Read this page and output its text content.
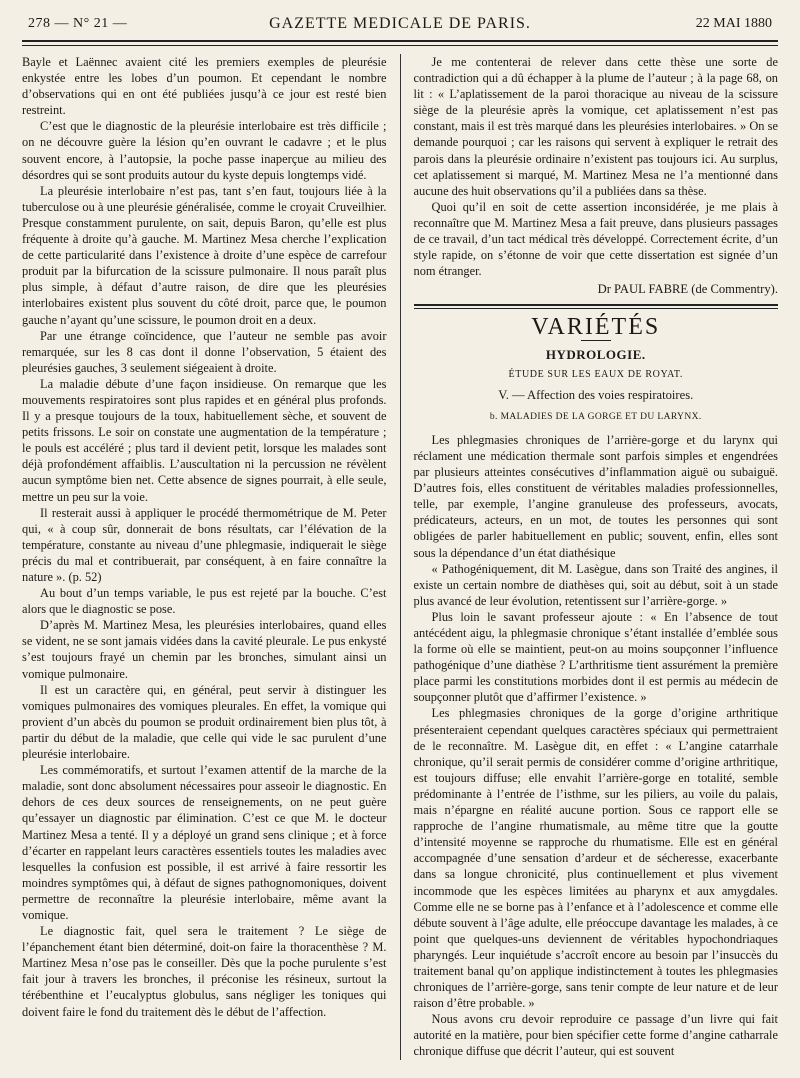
278 — N° 21 —	GAZETTE MEDICALE DE PARIS.	22 MAI 1880

Bayle et Laënnec avaient cité les premiers exemples de pleurésie enkystée entre les lobes d’un poumon. Et cependant le nombre d’observations qui en ont été publiées jusqu’à ce jour est resté bien restreint.

C’est que le diagnostic de la pleurésie interlobaire est très difficile ; on ne découvre guère la lésion qu’en ouvrant le cadavre ; et le plus souvent encore, à l’autopsie, la poche passe inaperçue au milieu des désordres qui se sont produits autour du kyste depuis longtemps vidé.

La pleurésie interlobaire n’est pas, tant s’en faut, toujours liée à la tuberculose ou à une pleurésie généralisée, comme le croyait Cruveilhier. Presque constamment purulente, on sait, depuis Baron, qu’elle est plus fréquente à droite qu’à gauche. M. Martinez Mesa cherche l’explication de cette particularité dans l’existence à droite d’une espèce de carrefour produit par la bifurcation de la scissure pulmonaire. Il nous paraît plus plus simple, à défaut d’autre raison, de dire que les pleurésies interlobaires existent plus souvent du côté droit, parce que, le poumon gauche n’ayant qu’une scissure, le poumon droit en a deux.

Par une étrange coïncidence, que l’auteur ne semble pas avoir remarquée, sur les 8 cas dont il donne l’observation, 5 étaient des pleurésies gauches, 3 seulement siégeaient à droite.

La maladie débute d’une façon insidieuse. On remarque que les mouvements respiratoires sont plus rapides et en général plus profonds. Il y a presque toujours de la toux, habituellement sèche, et souvent de petits frissons. Le soir on constate une augmentation de la température ; le pouls est accéléré ; plus tard il devient petit, lorsque les malades sont déjà profondément affaiblis. L’auscultation ni la percussion ne révèlent aucun symptôme bien net. Cette absence de signes pourrait, à elle seule, mettre un peu sur la voie.

Il resterait aussi à appliquer le procédé thermométrique de M. Peter qui, « à coup sûr, donnerait de bons résultats, car l’élévation de la température, constante au niveau d’une phlegmasie, indiquerait le siège précis du mal et contribuerait, par conséquent, à en faire connaître la nature ». (p. 52)

Au bout d’un temps variable, le pus est rejeté par la bouche. C’est alors que le diagnostic se pose.

D’après M. Martinez Mesa, les pleurésies interlobaires, quand elles se vident, ne se sont jamais vidées dans la cavité pleurale. Le pus enkysté s’est toujours frayé un chemin par les bronches, simulant ainsi un vomique pulmonaire.

Il est un caractère qui, en général, peut servir à distinguer les vomiques pulmonaires des vomiques pleurales. En effet, la vomique qui provient d’un abcès du poumon se produit ordinairement bien plus tôt, à partir du début de la maladie, que celle qui vide le sac purulent d’une pleurésie interlobaire.

Les commémoratifs, et surtout l’examen attentif de la marche de la maladie, sont donc absolument nécessaires pour asseoir le diagnostic. En dehors de ces deux sources de renseignements, on ne peut guère qu’essayer un diagnostic par élimination. C’est ce que M. le docteur Martinez Mesa a tenté. Il y a déployé un grand sens clinique ; et à force d’écarter en rappelant leurs caractères essentiels toutes les maladies avec lesquelles la confusion est possible, il est arrivé à faire ressortir les moindres symptômes qui, à défaut de signes pathognomoniques, doivent permettre de reconnaître la pleurésie interlobaire, même avant la vomique.

Le diagnostic fait, quel sera le traitement ? Le siège de l’épanchement étant bien déterminé, doit-on faire la thoracenthèse ? M. Martinez Mesa n’ose pas le conseiller. Dès que la poche purulente s’est fait jour à travers les bronches, il préconise les résineux, surtout la térébenthine et l’eucalyptus globulus, sans négliger les toniques qui doivent faire le fond du traitement dès le début de l’affection.

Je me contenterai de relever dans cette thèse une sorte de contradiction qui a dû échapper à la plume de l’auteur ; à la page 68, on lit : « L’aplatissement de la paroi thoracique au niveau de la scissure siège de la pleurésie après la vomique, cet aplatissement n’est pas constant, mais il est très marqué dans les pleurésies interlobaires. » On se demande pourquoi ; car les raisons qui servent à expliquer le retrait des parois dans la pleurésie ordinaire n’existent pas toujours ici. Au surplus, cet aplatissement si marqué, M. Martinez Mesa ne l’a mentionné dans aucune des huit observations qu’il a publiées dans sa thèse.

Quoi qu’il en soit de cette assertion inconsidérée, je me plais à reconnaître que M. Martinez Mesa a fait preuve, dans plusieurs passages de ce travail, d’un tact médical très développé. Correctement écrite, d’un style rapide, on s’étonne de voir que cette dissertation est signée d’un nom étranger.

Dr PAUL FABRE (de Commentry).
VARIÉTÉS
HYDROLOGIE.
ÉTUDE SUR LES EAUX DE ROYAT.
V. — Affection des voies respiratoires.
b. MALADIES DE LA GORGE ET DU LARYNX.

Les phlegmasies chroniques de l’arrière-gorge et du larynx qui réclament une médication thermale sont parfois simples et engendrées par plusieurs atteintes consécutives d’inflammation aiguë ou subaiguë. D’autres fois, elles constituent de véritables maladies professionnelles, telle, par exemple, l’angine granuleuse des professeurs, avocats, prédicateurs, acteurs, en un mot, de toutes les personnes qui sont obligées de parler habituellement en public; souvent, enfin, elles sont sous la dépendance d’un état diathésique

« Pathogéniquement, dit M. Lasègue, dans son Traité des angines, il existe un certain nombre de diathèses qui, soit au début, soit à un stade plus avancé de leur évolution, retentissent sur l’arrière-gorge. »

Plus loin le savant professeur ajoute : « En l’absence de tout antécédent aigu, la phlegmasie chronique s’étant installée d’emblée sous la forme où elle se maintient, peut-on au moins soupçonner l’influence pathogénique d’une diathèse ? L’arthritisme tient assurément la première place parmi les constitutions morbides dont il est permis au médecin de soupçonner plutôt que d’affirmer l’existence. »

Les phlegmasies chroniques de la gorge d’origine arthritique présenteraient cependant quelques caractères spéciaux qui permettraient de le reconnaître. M. Lasègue dit, en effet : « L’angine catarrhale chronique, qu’il serait permis de considérer comme d’origine arthritique, est toujours diffuse; elle envahit l’arrière-gorge en totalité, semble prédominante à l’entrée de l’isthme, sur les piliers, au voile du palais, mais n’épargne en réalité aucune portion. Sous ce rapport elle se rapproche de l’angine rhumatismale, au même titre que la goutte d’intensité moyenne se rapproche du rhumatisme. Elle est en général accompagnée d’une sensation d’ardeur et de sécheresse, exacerbante dans sa longue chronicité, plus continuellement et plus vivement incommode que les espèces limitées au pharynx et aux amygdales. Comme elle ne se borne pas à l’enfance et à l’adolescence et comme elle débute souvent à l’âge adulte, elle préoccupe davantage les malades, à ce point que quelques-uns deviennent de véritables hypochondriaques pharyngés. Leur inquiétude s’accroît encore au besoin par l’insuccès du traitement banal qu’on applique indistinctement à toutes les phlegmasies chroniques de l’arrière-gorge, sans tenir compte de leur nature et de leur raison d’être probable. »

Nous avons cru devoir reproduire ce passage d’un livre qui fait autorité en la matière, pour bien spécifier cette forme d’angine catharrale chronique diffuse que décrit l’auteur, qui est souvent
